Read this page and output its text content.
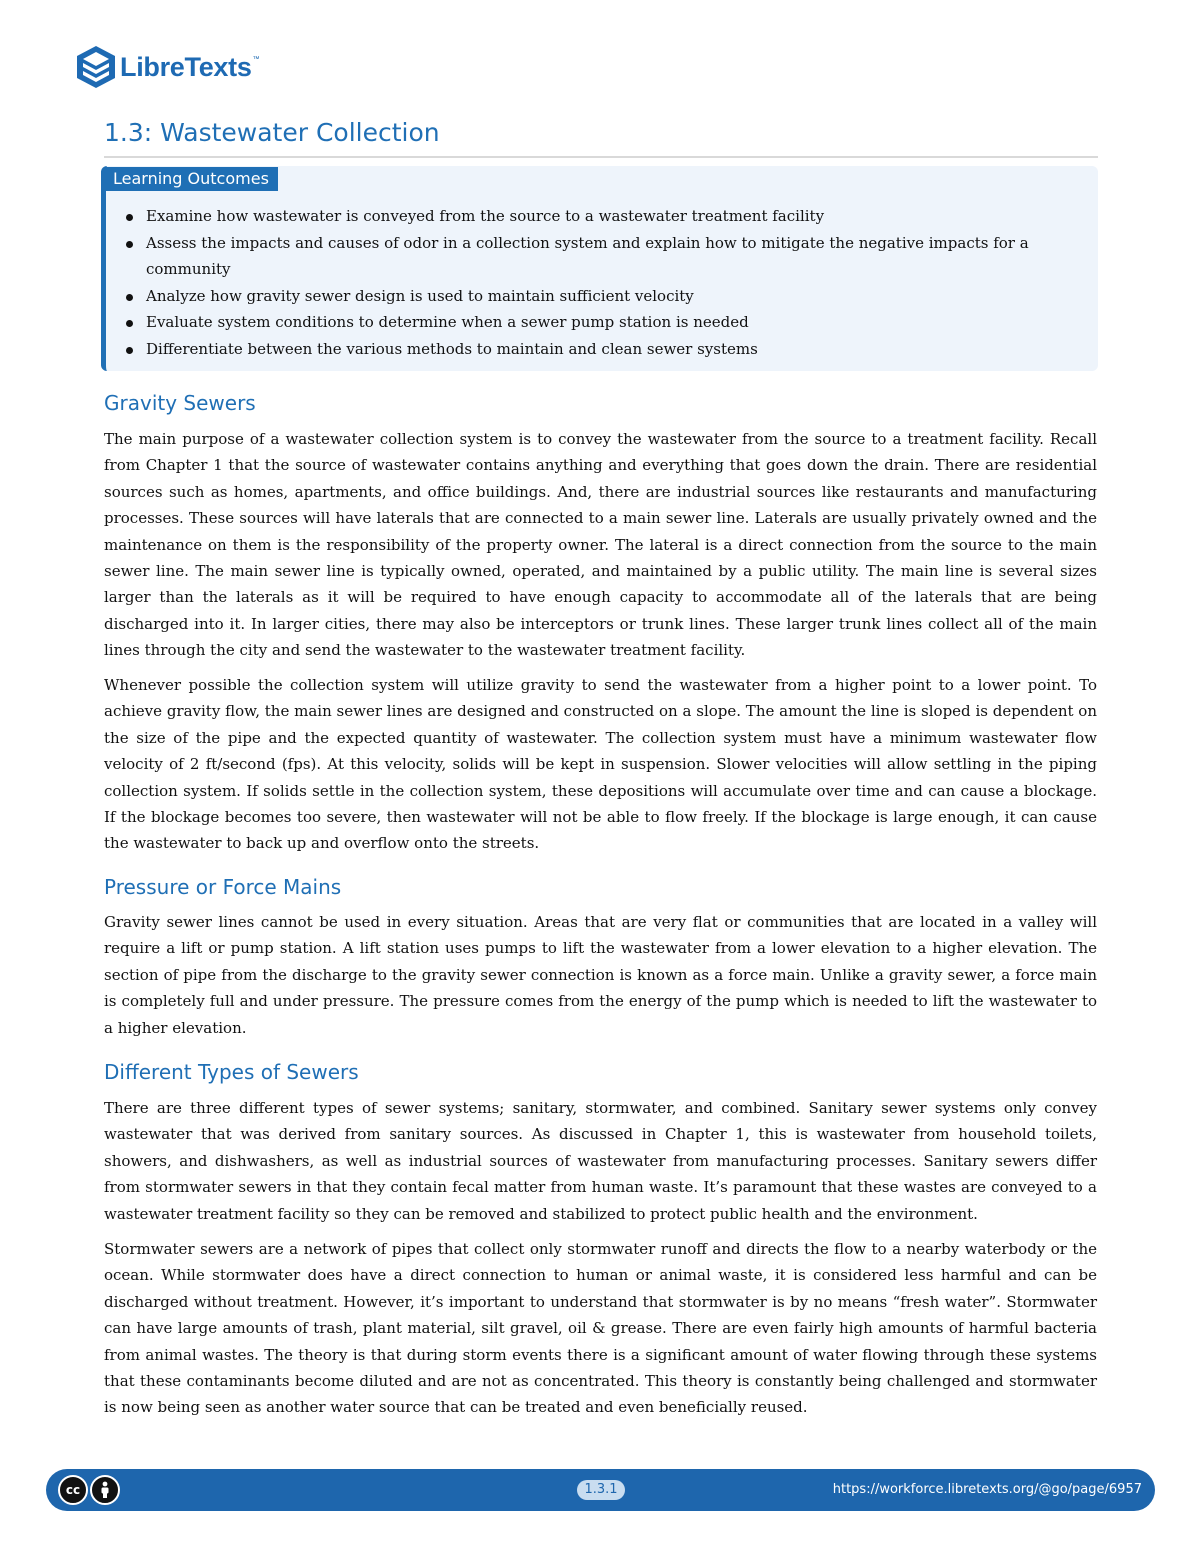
LibreTexts ™
1.3: Wastewater Collection
Learning Outcomes
Examine how wastewater is conveyed from the source to a wastewater treatment facility
Assess the impacts and causes of odor in a collection system and explain how to mitigate the negative impacts for a community
Analyze how gravity sewer design is used to maintain sufficient velocity
Evaluate system conditions to determine when a sewer pump station is needed
Differentiate between the various methods to maintain and clean sewer systems
Gravity Sewers

The main purpose of a wastewater collection system is to convey the wastewater from the source to a treatment facility. Recall from Chapter 1 that the source of wastewater contains anything and everything that goes down the drain. There are residential sources such as homes, apartments, and office buildings. And, there are industrial sources like restaurants and manufacturing processes. These sources will have laterals that are connected to a main sewer line. Laterals are usually privately owned and the maintenance on them is the responsibility of the property owner. The lateral is a direct connection from the source to the main sewer line. The main sewer line is typically owned, operated, and maintained by a public utility. The main line is several sizes larger than the laterals as it will be required to have enough capacity to accommodate all of the laterals that are being discharged into it. In larger cities, there may also be interceptors or trunk lines. These larger trunk lines collect all of the main lines through the city and send the wastewater to the wastewater treatment facility.

Whenever possible the collection system will utilize gravity to send the wastewater from a higher point to a lower point. To achieve gravity flow, the main sewer lines are designed and constructed on a slope. The amount the line is sloped is dependent on the size of the pipe and the expected quantity of wastewater. The collection system must have a minimum wastewater flow velocity of 2 ft/second (fps). At this velocity, solids will be kept in suspension. Slower velocities will allow settling in the piping collection system. If solids settle in the collection system, these depositions will accumulate over time and can cause a blockage. If the blockage becomes too severe, then wastewater will not be able to flow freely. If the blockage is large enough, it can cause the wastewater to back up and overflow onto the streets.

Pressure or Force Mains

Gravity sewer lines cannot be used in every situation. Areas that are very flat or communities that are located in a valley will require a lift or pump station. A lift station uses pumps to lift the wastewater from a lower elevation to a higher elevation. The section of pipe from the discharge to the gravity sewer connection is known as a force main. Unlike a gravity sewer, a force main is completely full and under pressure. The pressure comes from the energy of the pump which is needed to lift the wastewater to a higher elevation.

Different Types of Sewers

There are three different types of sewer systems; sanitary, stormwater, and combined. Sanitary sewer systems only convey wastewater that was derived from sanitary sources. As discussed in Chapter 1, this is wastewater from household toilets, showers, and dishwashers, as well as industrial sources of wastewater from manufacturing processes. Sanitary sewers differ from stormwater sewers in that they contain fecal matter from human waste. It’s paramount that these wastes are conveyed to a wastewater treatment facility so they can be removed and stabilized to protect public health and the environment.

Stormwater sewers are a network of pipes that collect only stormwater runoff and directs the flow to a nearby waterbody or the ocean. While stormwater does have a direct connection to human or animal waste, it is considered less harmful and can be discharged without treatment. However, it’s important to understand that stormwater is by no means “fresh water”. Stormwater can have large amounts of trash, plant material, silt gravel, oil & grease. There are even fairly high amounts of harmful bacteria from animal wastes. The theory is that during storm events there is a significant amount of water flowing through these systems that these contaminants become diluted and are not as concentrated. This theory is constantly being challenged and stormwater is now being seen as another water source that can be treated and even beneficially reused.

cc	1.3.1	https://workforce.libretexts.org/@go/page/6957
